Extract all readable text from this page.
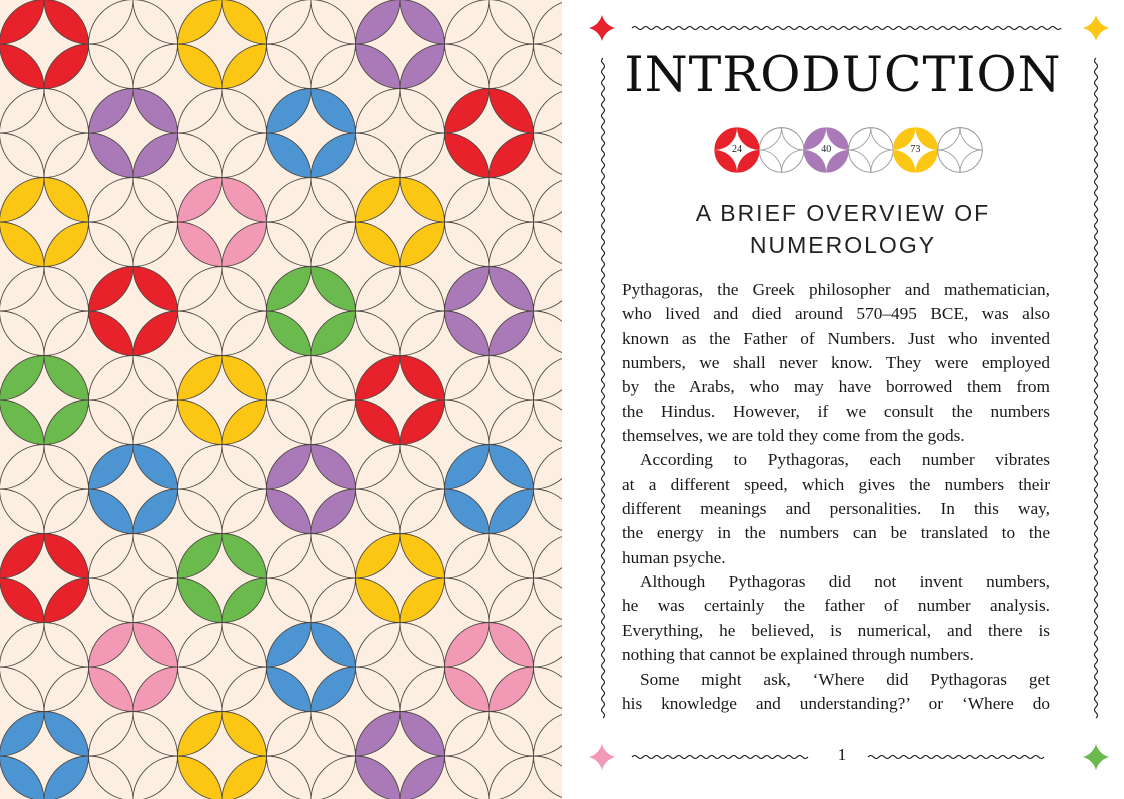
INTRODUCTION
24	40	73
A BRIEF OVERVIEW OF
NUMEROLOGY
Pythagoras, the Greek philosopher and mathematician,
who lived and died around 570–495 BCE, was also
known as the Father of Numbers. Just who invented
numbers, we shall never know. They were employed
by the Arabs, who may have borrowed them from
the Hindus. However, if we consult the numbers
themselves, we are told they come from the gods.
According to Pythagoras, each number vibrates
at a different speed, which gives the numbers their
different meanings and personalities. In this way,
the energy in the numbers can be translated to the
human psyche.
Although Pythagoras did not invent numbers,
he was certainly the father of number analysis.
Everything, he believed, is numerical, and there is
nothing that cannot be explained through numbers.
Some might ask, ‘Where did Pythagoras get
his knowledge and understanding?’ or ‘Where do
1
